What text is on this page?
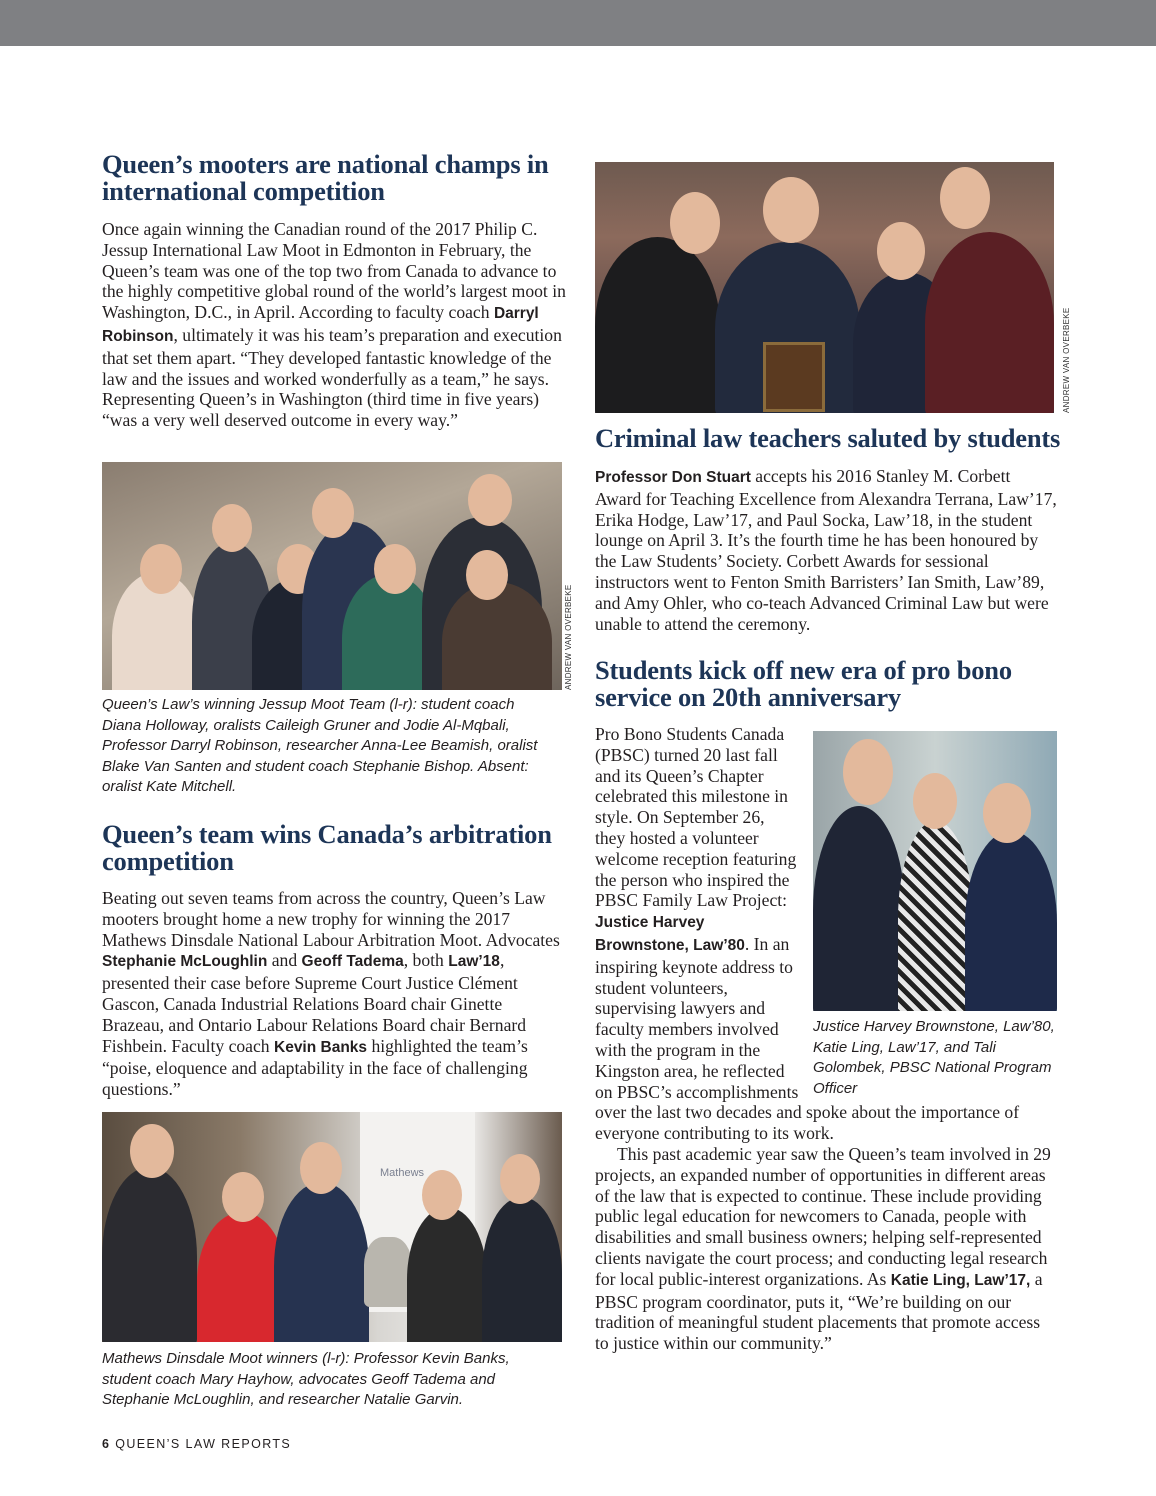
Queen’s mooters are national champs in international competition

Once again winning the Canadian round of the 2017 Philip C. Jessup International Law Moot in Edmonton in February, the Queen’s team was one of the top two from Canada to advance to the highly competitive global round of the world’s largest moot in Washington, D.C., in April. According to faculty coach Darryl Robinson, ultimately it was his team’s preparation and execution that set them apart. “They developed fantastic knowledge of the law and the issues and worked wonderfully as a team,” he says. Representing Queen’s in Washington (third time in five years) “was a very well deserved outcome in every way.”

ANDREW VAN OVERBEKE
Queen’s Law’s winning Jessup Moot Team (l-r): student coach Diana Holloway, oralists Caileigh Gruner and Jodie Al-Mqbali, Professor Darryl Robinson, researcher Anna-Lee Beamish, oralist Blake Van Santen and student coach Stephanie Bishop. Absent: oralist Kate Mitchell.
Queen’s team wins Canada’s arbitration competition

Beating out seven teams from across the country, Queen’s Law mooters brought home a new trophy for winning the 2017 Mathews Dinsdale National Labour Arbitration Moot. Advocates Stephanie McLoughlin and Geoff Tadema, both Law’18, presented their case before Supreme Court Justice Clément Gascon, Canada Industrial Relations Board chair Ginette Brazeau, and Ontario Labour Relations Board chair Bernard Fishbein. Faculty coach Kevin Banks highlighted the team’s “poise, eloquence and adaptability in the face of challenging questions.”

Mathews
Mathews Dinsdale Moot winners (l-r): Professor Kevin Banks, student coach Mary Hayhow, advocates Geoff Tadema and Stephanie McLoughlin, and researcher Natalie Garvin.
ANDREW VAN OVERBEKE
Criminal law teachers saluted by students

Professor Don Stuart accepts his 2016 Stanley M. Corbett Award for Teaching Excellence from Alexandra Terrana, Law’17, Erika Hodge, Law’17, and Paul Socka, Law’18, in the student lounge on April 3. It’s the fourth time he has been honoured by the Law Students’ Society. Corbett Awards for sessional instructors went to Fenton Smith Barristers’ Ian Smith, Law’89, and Amy Ohler, who co-teach Advanced Criminal Law but were unable to attend the ceremony.

Students kick off new era of pro bono service on 20th anniversary
Justice Harvey Brownstone, Law’80, Katie Ling, Law’17, and Tali Golombek, PBSC National Program Officer

Pro Bono Students Canada (PBSC) turned 20 last fall and its Queen’s Chapter celebrated this milestone in style. On September 26, they hosted a volunteer welcome reception featuring the person who inspired the PBSC Family Law Project: Justice Harvey Brownstone, Law’80. In an inspiring keynote address to student volunteers, supervising lawyers and faculty members involved with the program in the Kingston area, he reflected on PBSC’s accomplishments over the last two decades and spoke about the importance of everyone contributing to its work.

This past academic year saw the Queen’s team involved in 29 projects, an expanded number of opportunities in different areas of the law that is expected to continue. These include providing public legal education for newcomers to Canada, people with disabilities and small business owners; helping self-represented clients navigate the court process; and conducting legal research for local public-interest organizations. As Katie Ling, Law’17, a PBSC program coordinator, puts it, “We’re building on our tradition of meaningful student placements that promote access to justice within our community.”

6 QUEEN’S LAW REPORTS
